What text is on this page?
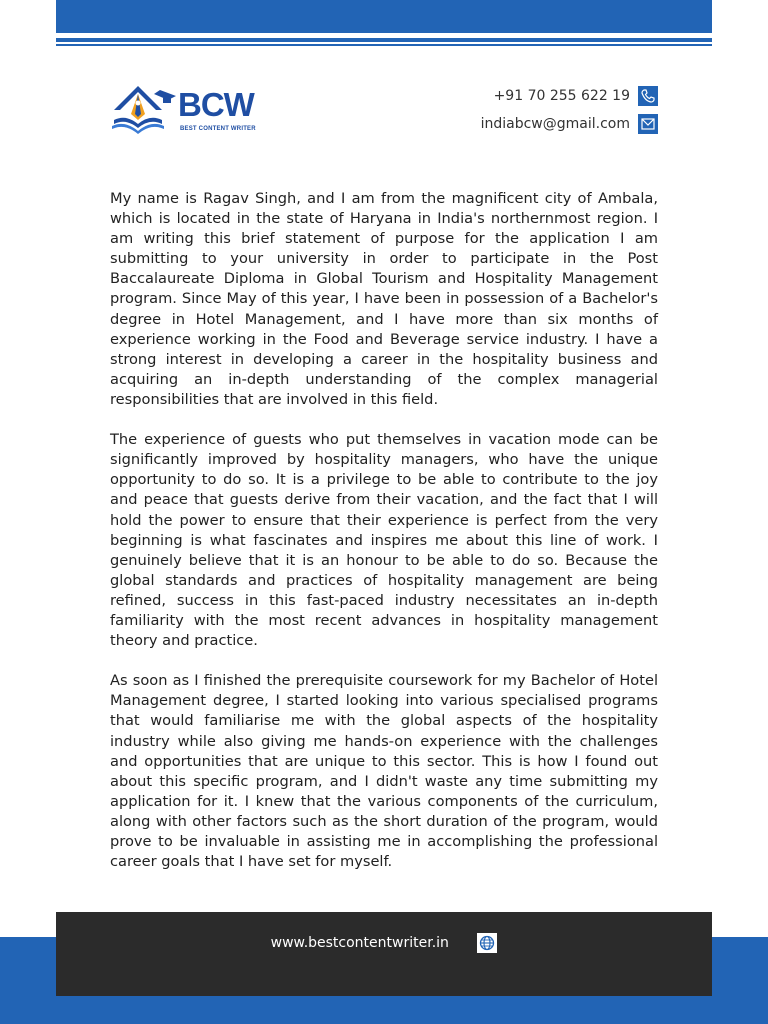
BCW
BEST CONTENT WRITER
+91 70 255 622 19
indiabcw@gmail.com

My name is Ragav Singh, and I am from the magnificent city of Ambala, which is located in the state of Haryana in India's northernmost region. I am writing this brief statement of purpose for the application I am submitting to your university in order to participate in the Post Baccalaureate Diploma in Global Tourism and Hospitality Management program. Since May of this year, I have been in possession of a Bachelor's degree in Hotel Management, and I have more than six months of experience working in the Food and Beverage service industry. I have a strong interest in developing a career in the hospitality business and acquiring an in-depth understanding of the complex managerial responsibilities that are involved in this field.

The experience of guests who put themselves in vacation mode can be significantly improved by hospitality managers, who have the unique opportunity to do so. It is a privilege to be able to contribute to the joy and peace that guests derive from their vacation, and the fact that I will hold the power to ensure that their experience is perfect from the very beginning is what fascinates and inspires me about this line of work. I genuinely believe that it is an honour to be able to do so. Because the global standards and practices of hospitality management are being refined, success in this fast-paced industry necessitates an in-depth familiarity with the most recent advances in hospitality management theory and practice.

As soon as I finished the prerequisite coursework for my Bachelor of Hotel Management degree, I started looking into various specialised programs that would familiarise me with the global aspects of the hospitality industry while also giving me hands-on experience with the challenges and opportunities that are unique to this sector. This is how I found out about this specific program, and I didn't waste any time submitting my application for it. I knew that the various components of the curriculum, along with other factors such as the short duration of the program, would prove to be invaluable in assisting me in accomplishing the professional career goals that I have set for myself.

www.bestcontentwriter.in
